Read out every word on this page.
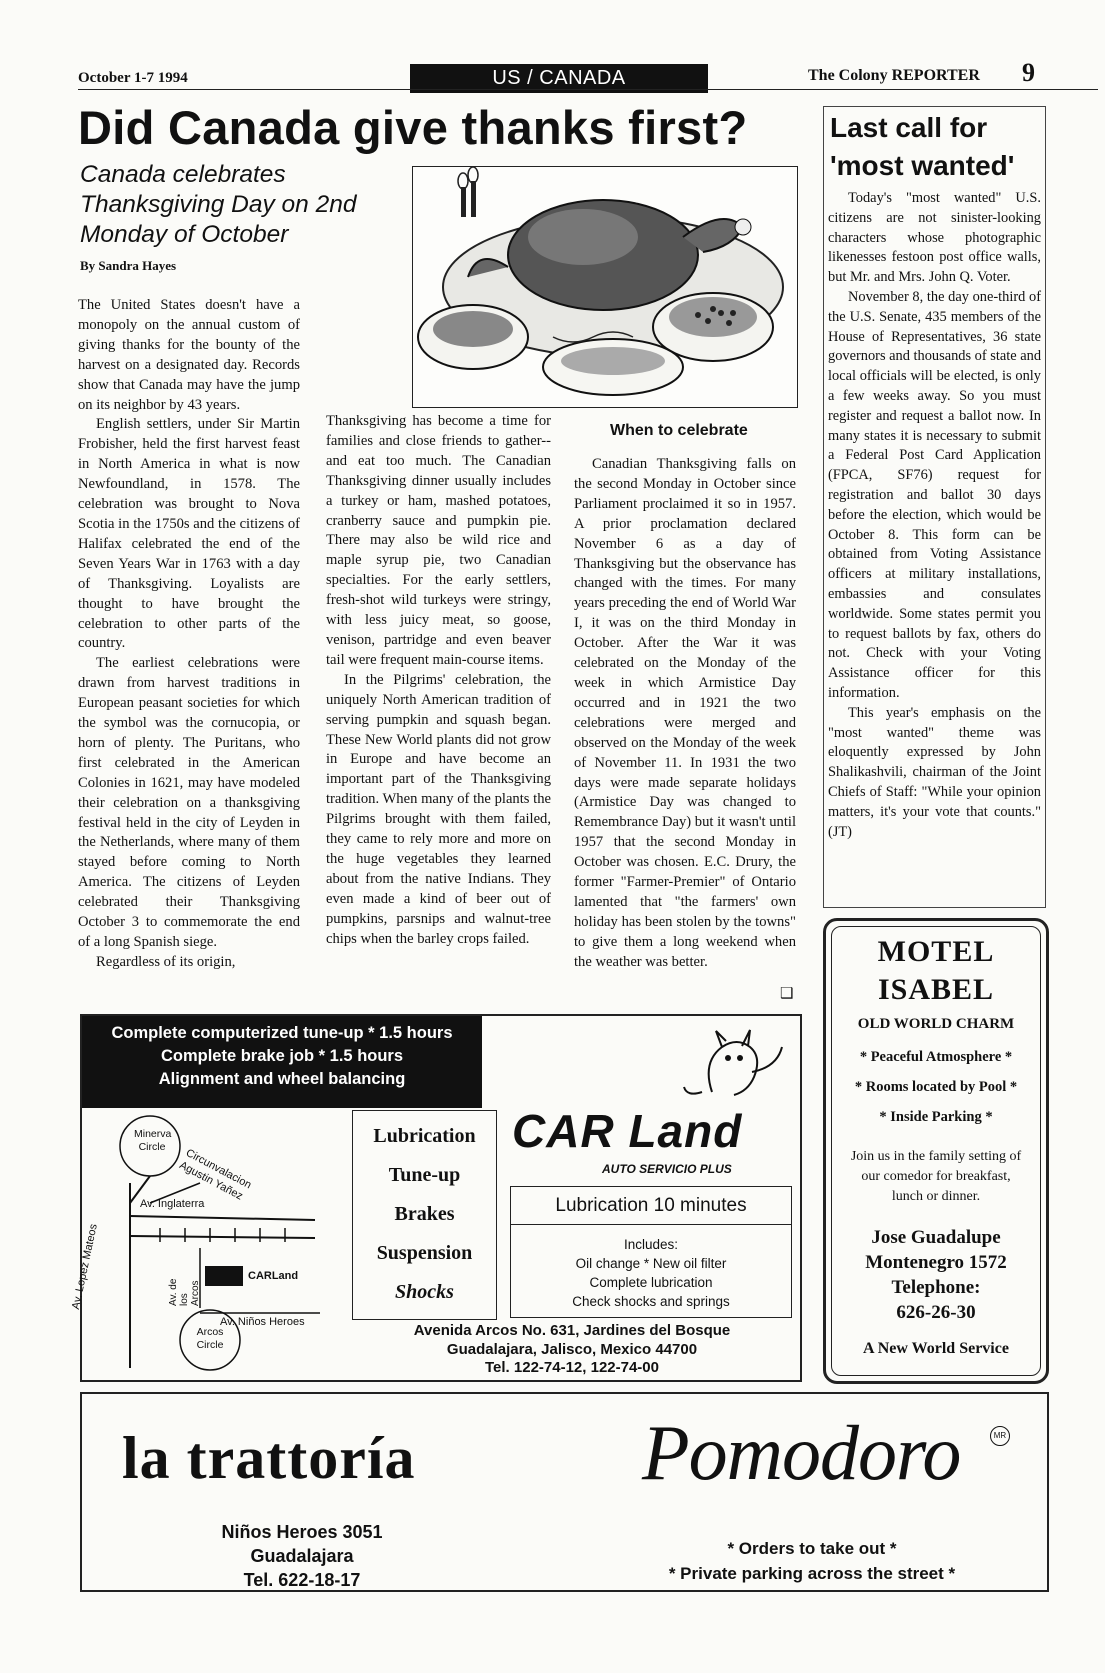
October 1-7 1994	US / CANADA	The Colony REPORTER 9
Did Canada give thanks first?
Canada celebrates Thanksgiving Day on 2nd Monday of October
By Sandra Hayes

The United States doesn't have a monopoly on the annual custom of giving thanks for the bounty of the harvest on a designated day. Records show that Canada may have the jump on its neighbor by 43 years.

English settlers, under Sir Martin Frobisher, held the first harvest feast in North America in what is now Newfoundland, in 1578. The celebration was brought to Nova Scotia in the 1750s and the citizens of Halifax celebrated the end of the Seven Years War in 1763 with a day of Thanksgiving. Loyalists are thought to have brought the celebration to other parts of the country.

The earliest celebrations were drawn from harvest traditions in European peasant societies for which the symbol was the cornucopia, or horn of plenty. The Puritans, who first celebrated in the American Colonies in 1621, may have modeled their celebration on a thanksgiving festival held in the city of Leyden in the Netherlands, where many of them stayed before coming to North America. The citizens of Leyden celebrated their Thanksgiving October 3 to commemorate the end of a long Spanish siege.

Regardless of its origin,

Thanksgiving has become a time for families and close friends to gather--and eat too much. The Canadian Thanksgiving dinner usually includes a turkey or ham, mashed potatoes, cranberry sauce and pumpkin pie. There may also be wild rice and maple syrup pie, two Canadian specialties. For the early settlers, fresh-shot wild turkeys were stringy, with less juicy meat, so goose, venison, partridge and even beaver tail were frequent main-course items.

In the Pilgrims' celebration, the uniquely North American tradition of serving pumpkin and squash began. These New World plants did not grow in Europe and have become an important part of the Thanksgiving tradition. When many of the plants the Pilgrims brought with them failed, they came to rely more and more on the huge vegetables they learned about from the native Indians. They even made a kind of beer out of pumpkins, parsnips and walnut-tree chips when the barley crops failed.

When to celebrate

Canadian Thanksgiving falls on the second Monday in October since Parliament proclaimed it so in 1957. A prior proclamation declared November 6 as a day of Thanksgiving but the observance has changed with the times. For many years preceding the end of World War I, it was on the third Monday in October. After the War it was celebrated on the Monday of the week in which Armistice Day occurred and in 1921 the two celebrations were merged and observed on the Monday of the week of November 11. In 1931 the two days were made separate holidays (Armistice Day was changed to Remembrance Day) but it wasn't until 1957 that the second Monday in October was chosen. E.C. Drury, the former "Farmer-Premier" of Ontario lamented that "the farmers' own holiday has been stolen by the towns" to give them a long weekend when the weather was better.

❑
Last call for 'most wanted'

Today's "most wanted" U.S. citizens are not sinister-looking characters whose photographic likenesses festoon post office walls, but Mr. and Mrs. John Q. Voter.

November 8, the day one-third of the U.S. Senate, 435 members of the House of Representatives, 36 state governors and thousands of state and local officials will be elected, is only a few weeks away. So you must register and request a ballot now. In many states it is necessary to submit a Federal Post Card Application (FPCA, SF76) request for registration and ballot 30 days before the election, which would be October 8. This form can be obtained from Voting Assistance officers at military installations, embassies and consulates worldwide. Some states permit you to request ballots by fax, others do not. Check with your Voting Assistance officer for this information.

This year's emphasis on the "most wanted" theme was eloquently expressed by John Shalikashvili, chairman of the Joint Chiefs of Staff: "While your opinion matters, it's your vote that counts."(JT)

MOTEL
ISABEL
OLD WORLD CHARM
* Peaceful Atmosphere *
* Rooms located by Pool *
* Inside Parking *
Join us in the family setting of our comedor for breakfast, lunch or dinner.
Jose Guadalupe
Montenegro 1572
Telephone:
626-26-30
A New World Service
Complete computerized tune-up * 1.5 hours
Complete brake job * 1.5 hours
Alignment and wheel balancing
Minerva Circle	Circunvalacion Agustin Yañez
Av. Inglaterra
Av. Lopez Mateos	Av. de los Arcos
CARLand
Av. Niños Heroes
Arcos Circle
Lubrication
Tune-up
Brakes
Suspension
Shocks
CAR Land
AUTO SERVICIO PLUS
Lubrication 10 minutes
Includes:
Oil change * New oil filter
Complete lubrication
Check shocks and springs
Avenida Arcos No. 631, Jardines del Bosque
Guadalajara, Jalisco, Mexico 44700
Tel. 122-74-12, 122-74-00
la trattoría	Pomodoro	MR
Niños Heroes 3051
Guadalajara
Tel. 622-18-17
* Orders to take out *
* Private parking across the street *
